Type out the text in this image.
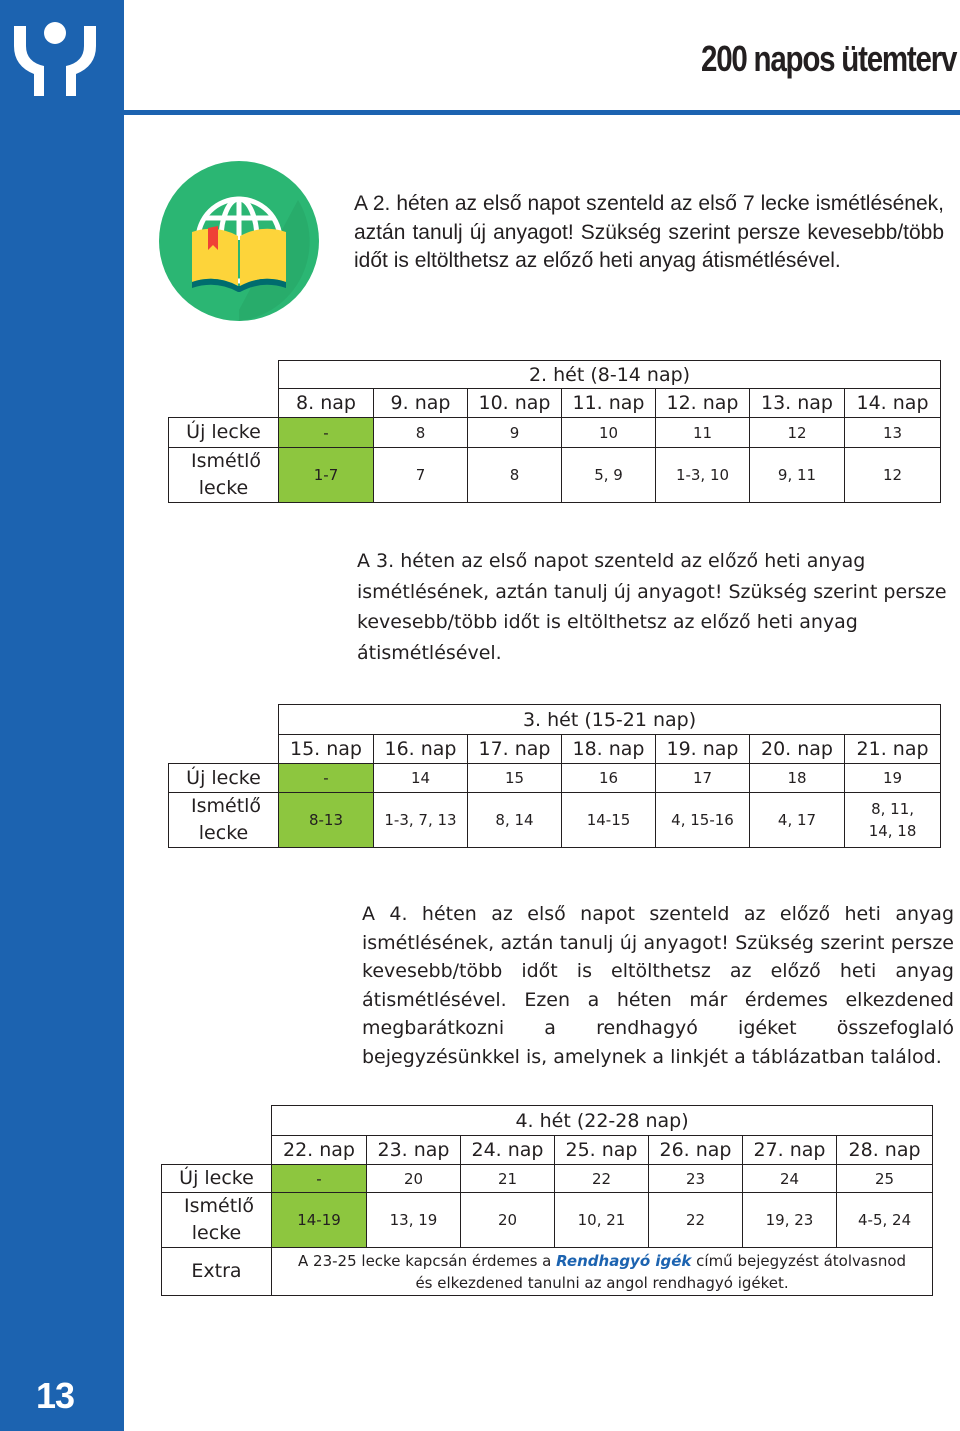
13
200 napos ütemterv
A 2. héten az első napot szenteld az első 7 lecke ismétlésének, aztán tanulj új anyagot! Szükség szerint persze kevesebb/több időt is eltölthetsz az előző heti anyag átismétlésével.
	2. hét (8-14 nap)						
	8. nap	9. nap	10. nap	11. nap	12. nap	13. nap	14. nap
Új lecke	-	8	9	10	11	12	13
Ismétlő lecke	1-7	7	8	5, 9	1-3, 10	9, 11	12
A 3. héten az első napot szenteld az előző heti anyag ismétlésének, aztán tanulj új anyagot! Szükség szerint persze kevesebb/több időt is eltölthetsz az előző heti anyag átismétlésével.
	3. hét (15-21 nap)						
	15. nap	16. nap	17. nap	18. nap	19. nap	20. nap	21. nap
Új lecke	-	14	15	16	17	18	19
Ismétlő lecke	8-13	1-3, 7, 13	8, 14	14-15	4, 15-16	4, 17	8, 11, 14, 18
A 4. héten az első napot szenteld az előző heti anyag ismétlésének, aztán tanulj új anyagot! Szükség szerint persze kevesebb/több időt is eltölthetsz az előző heti anyag átismétlésével. Ezen a héten már érdemes elkezdened megbarátkozni a rendhagyó igéket összefoglaló bejegyzésünkkel is, amelynek a linkjét a táblázatban találod.
	4. hét (22-28 nap)						
	22. nap	23. nap	24. nap	25. nap	26. nap	27. nap	28. nap
Új lecke	-	20	21	22	23	24	25
Ismétlő lecke	14-19	13, 19	20	10, 21	22	19, 23	4-5, 24
Extra	A 23-25 lecke kapcsán érdemes a Rendhagyó igék című bejegyzést átolvasnod és elkezdened tanulni az angol rendhagyó igéket.						
